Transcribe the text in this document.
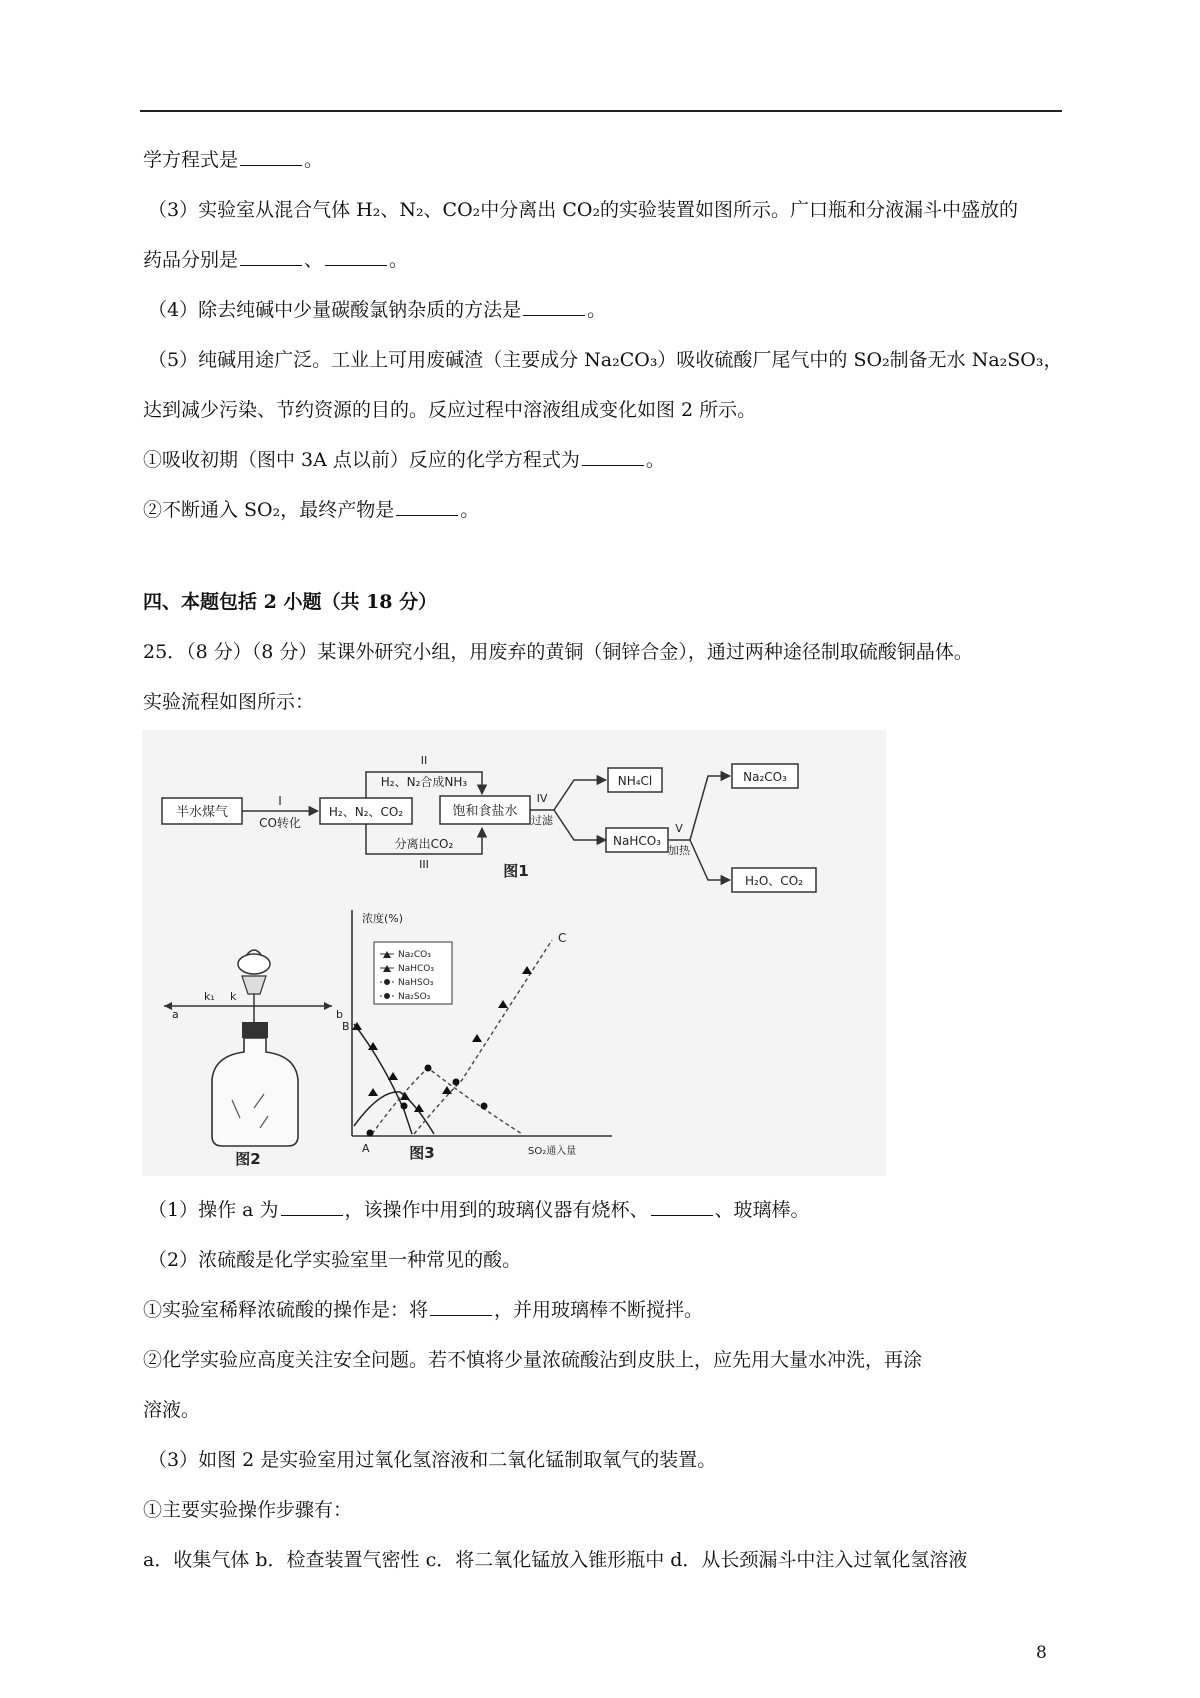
学方程式是	。
（3）实验室从混合气体 H₂、N₂、CO₂中分离出 CO₂的实验装置如图所示。广口瓶和分液漏斗中盛放的
药品分别是	、	。
（4）除去纯碱中少量碳酸氯钠杂质的方法是	。
（5）纯碱用途广泛。工业上可用废碱渣（主要成分 Na₂CO₃）吸收硫酸厂尾气中的 SO₂制备无水 Na₂SO₃，
达到减少污染、节约资源的目的。反应过程中溶液组成变化如图 2 所示。
①吸收初期（图中 3A 点以前）反应的化学方程式为	。
②不断通入 SO₂，最终产物是	。
四、本题包括 2 小题（共 18 分）
25．（8 分）（8 分）某课外研究小组，用废弃的黄铜（铜锌合金），通过两种途径制取硫酸铜晶体。
实验流程如图所示：
半水煤气
I
CO转化
H₂、N₂、CO₂
II
H₂、N₂合成NH₃
分离出CO₂
III
饱和食盐水
IV
过滤
NH₄Cl
NaHCO₃
V
加热
Na₂CO₃
H₂O、CO₂
图1
k₁ k
a	b
图2
浓度(%)
SO₂通入量
B
A
C
Na₂CO₃
NaHCO₃
NaHSO₃
Na₂SO₃
图3
（1）操作 a 为	，该操作中用到的玻璃仪器有烧杯、	、玻璃棒。
（2）浓硫酸是化学实验室里一种常见的酸。
①实验室稀释浓硫酸的操作是：将	，并用玻璃棒不断搅拌。
②化学实验应高度关注安全问题。若不慎将少量浓硫酸沾到皮肤上，应先用大量水冲洗，再涂
溶液。
（3）如图 2 是实验室用过氧化氢溶液和二氧化锰制取氧气的装置。
①主要实验操作步骤有：
a．收集气体 b．检查装置气密性 c．将二氧化锰放入锥形瓶中 d．从长颈漏斗中注入过氧化氢溶液
8
